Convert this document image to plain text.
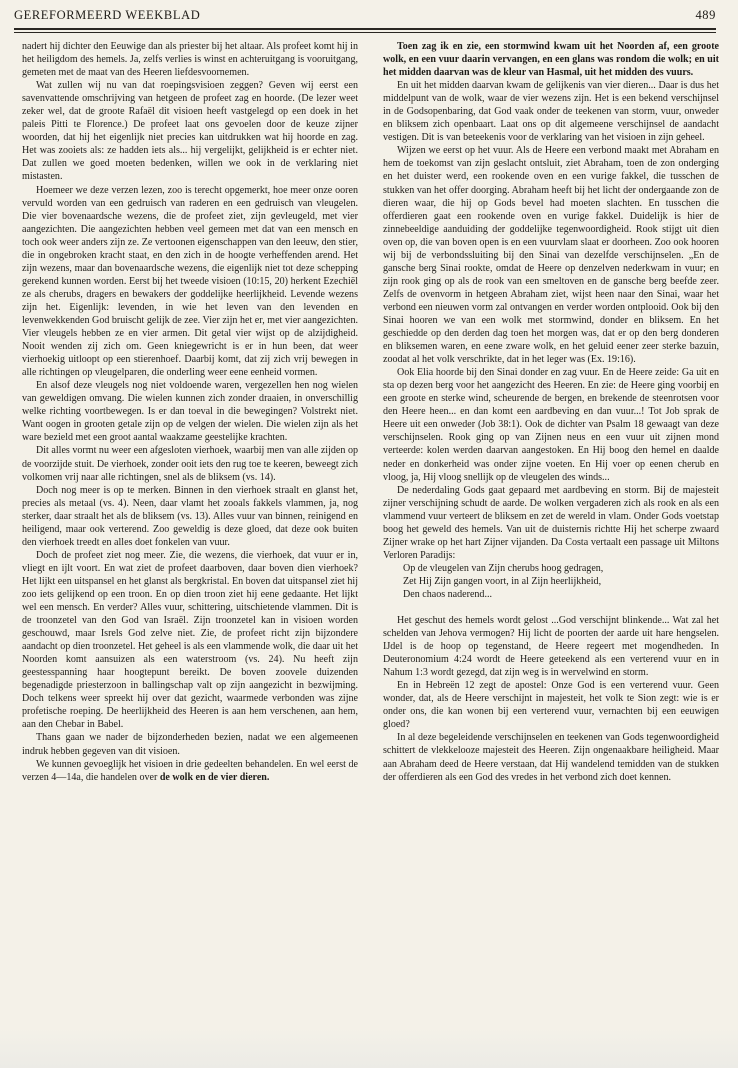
GEREFORMEERD WEEKBLAD	489

nadert hij dichter den Eeuwige dan als priester bij het altaar. Als profeet komt hij in het heiligdom des hemels. Ja, zelfs verlies is winst en achteruitgang is vooruitgang, gemeten met de maat van des Heeren liefdesvoornemen.

Wat zullen wij nu van dat roepingsvisioen zeggen? Geven wij eerst een savenvattende omschrijving van hetgeen de profeet zag en hoorde. (De lezer weet zeker wel, dat de groote Rafaël dit visioen heeft vastgelegd op een doek in het paleis Pitti te Florence.) De profeet laat ons gevoelen door de keuze zijner woorden, dat hij het eigenlijk niet precies kan uitdrukken wat hij hoorde en zag. Het was zooiets als: ze hadden iets als... hij vergelijkt, gelijkheid is er echter niet. Dat zullen we goed moeten bedenken, willen we ook in de verklaring niet mistasten.

Hoemeer we deze verzen lezen, zoo is terecht opgemerkt, hoe meer onze ooren vervuld worden van een gedruisch van raderen en een gedruisch van vleugelen. Die vier bovenaardsche wezens, die de profeet ziet, zijn gevleugeld, met vier aangezichten. Die aangezichten hebben veel gemeen met dat van een mensch en toch ook weer anders zijn ze. Ze vertoonen eigenschappen van den leeuw, den stier, die in ongebroken kracht staat, en den zich in de hoogte verheffenden arend. Het zijn wezens, maar dan bovenaardsche wezens, die eigenlijk niet tot deze schepping gerekend kunnen worden. Eerst bij het tweede visioen (10:15, 20) herkent Ezechiël ze als cherubs, dragers en bewakers der goddelijke heerlijkheid. Levende wezens zijn het. Eigenlijk: levenden, in wie het leven van den levenden en levenwekkenden God bruischt gelijk de zee. Vier zijn het er, met vier aangezichten. Vier vleugels hebben ze en vier armen. Dit getal vier wijst op de alzijdigheid. Nooit wenden zij zich om. Geen kniegewricht is er in hun been, dat weer vierhoekig uitloopt op een stierenhoef. Daarbij komt, dat zij zich vrij bewegen in alle richtingen op vleugelparen, die onderling weer eene eenheid vormen.

En alsof deze vleugels nog niet voldoende waren, vergezellen hen nog wielen van geweldigen omvang. Die wielen kunnen zich zonder draaien, in onverschillig welke richting voortbewegen. Is er dan toeval in die bewegingen? Volstrekt niet. Want oogen in grooten getale zijn op de velgen der wielen. Die wielen zijn als het ware bezield met een groot aantal waakzame geestelijke krachten.

Dit alles vormt nu weer een afgesloten vierhoek, waarbij men van alle zijden op de voorzijde stuit. De vierhoek, zonder ooit iets den rug toe te keeren, beweegt zich volkomen vrij naar alle richtingen, snel als de bliksem (vs. 14).

Doch nog meer is op te merken. Binnen in den vierhoek straalt en glanst het, precies als metaal (vs. 4). Neen, daar vlamt het zooals fakkels vlammen, ja, nog sterker, daar straalt het als de bliksem (vs. 13). Alles vuur van binnen, reinigend en heiligend, maar ook verterend. Zoo geweldig is deze gloed, dat deze ook buiten den vierhoek treedt en alles doet fonkelen van vuur.

Doch de profeet ziet nog meer. Zie, die wezens, die vierhoek, dat vuur er in, vliegt en ijlt voort. En wat ziet de profeet daarboven, daar boven dien vierhoek? Het lijkt een uitspansel en het glanst als bergkristal. En boven dat uitspansel ziet hij zoo iets gelijkend op een troon. En op dien troon ziet hij eene gedaante. Het lijkt wel een mensch. En verder? Alles vuur, schittering, uitschietende vlammen. Dit is de troonzetel van den God van Israël. Zijn troonzetel kan in visioen worden geschouwd, maar Isrels God zelve niet. Zie, de profeet richt zijn bijzondere aandacht op dien troonzetel. Het geheel is als een vlammende wolk, die daar uit het Noorden komt aansuizen als een waterstroom (vs. 24). Nu heeft zijn geestesspanning haar hoogtepunt bereikt. De boven zoovele duizenden begenadigde priesterzoon in ballingschap valt op zijn aangezicht in bezwijming. Doch telkens weer spreekt hij over dat gezicht, waarmede verbonden was zijne profetische roeping. De heerlijkheid des Heeren is aan hem verschenen, aan hem, aan den Chebar in Babel.

Thans gaan we nader de bijzonderheden bezien, nadat we een algemeenen indruk hebben gegeven van dit visioen.

We kunnen gevoeglijk het visioen in drie gedeelten behandelen. En wel eerst de verzen 4—14a, die handelen over de wolk en de vier dieren.

Toen zag ik en zie, een stormwind kwam uit het Noorden af, een groote wolk, en een vuur daarin vervangen, en een glans was rondom die wolk; en uit het midden daarvan was de kleur van Hasmal, uit het midden des vuurs.

En uit het midden daarvan kwam de gelijkenis van vier dieren... Daar is dus het middelpunt van de wolk, waar de vier wezens zijn. Het is een bekend verschijnsel in de Godsopenbaring, dat God vaak onder de teekenen van storm, vuur, onweder en bliksem zich openbaart. Laat ons op dit algemeene verschijnsel de aandacht vestigen. Dit is van beteekenis voor de verklaring van het visioen in zijn geheel.

Wijzen we eerst op het vuur. Als de Heere een verbond maakt met Abraham en hem de toekomst van zijn geslacht ontsluit, ziet Abraham, toen de zon onderging en het duister werd, een rookende oven en een vurige fakkel, die tusschen de stukken van het offer doorging. Abraham heeft bij het licht der ondergaande zon de dieren waar, die hij op Gods bevel had moeten slachten. En tusschen die offerdieren gaat een rookende oven en vurige fakkel. Duidelijk is hier de zinnebeeldige aanduiding der goddelijke tegenwoordigheid. Rook stijgt uit dien oven op, die van boven open is en een vuurvlam slaat er doorheen. Zoo ook hooren wij bij de verbondssluiting bij den Sinai van dezelfde verschijnselen. „En de gansche berg Sinai rookte, omdat de Heere op denzelven nederkwam in vuur; en zijn rook ging op als de rook van een smeltoven en de gansche berg beefde zeer. Zelfs de ovenvorm in hetgeen Abraham ziet, wijst heen naar den Sinai, waar het verbond een nieuwen vorm zal ontvangen en verder worden ontplooid. Ook bij den Sinai hooren we van een wolk met stormwind, donder en bliksem. En het geschiedde op den derden dag toen het morgen was, dat er op den berg donderen en bliksemen waren, en eene zware wolk, en het geluid eener zeer sterke bazuin, zoodat al het volk verschrikte, dat in het leger was (Ex. 19:16).

Ook Elia hoorde bij den Sinai donder en zag vuur. En de Heere zeide: Ga uit en sta op dezen berg voor het aangezicht des Heeren. En zie: de Heere ging voorbij en een groote en sterke wind, scheurende de bergen, en brekende de steenrotsen voor den Heere heen... en dan komt een aardbeving en dan vuur...! Tot Job sprak de Heere uit een onweder (Job 38:1). Ook de dichter van Psalm 18 gewaagt van deze verschijnselen. Rook ging op van Zijnen neus en een vuur uit zijnen mond verteerde: kolen werden daarvan aangestoken. En Hij boog den hemel en daalde neder en donkerheid was onder zijne voeten. En Hij voer op eenen cherub en vloog, ja, Hij vloog snellijk op de vleugelen des winds...

De nederdaling Gods gaat gepaard met aardbeving en storm. Bij de majesteit zijner verschijning schudt de aarde. De wolken vergaderen zich als rook en als een vlammend vuur verteert de bliksem en zet de wereld in vlam. Onder Gods voetstap boog het geweld des hemels. Van uit de duisternis richtte Hij het scherpe zwaard Zijner wrake op het hart Zijner vijanden. Da Costa vertaalt een passage uit Miltons Verloren Paradijs:

Op de vleugelen van Zijn cherubs hoog gedragen,
Zet Hij Zijn gangen voort, in al Zijn heerlijkheid,
Den chaos naderend...

Het geschut des hemels wordt gelost ...God verschijnt blinkende... Wat zal het schelden van Jehova vermogen? Hij licht de poorten der aarde uit hare hengselen. IJdel is de hoop op tegenstand, de Heere regeert met mogendheden. In Deuteronomium 4:24 wordt de Heere geteekend als een verterend vuur en in Nahum 1:3 wordt gezegd, dat zijn weg is in wervelwind en storm.

En in Hebreën 12 zegt de apostel: Onze God is een verterend vuur. Geen wonder, dat, als de Heere verschijnt in majesteit, het volk te Sion zegt: wie is er onder ons, die kan wonen bij een verterend vuur, vernachten bij een eeuwigen gloed?

In al deze begeleidende verschijnselen en teekenen van Gods tegenwoordigheid schittert de vlekkelooze majesteit des Heeren. Zijn ongenaakbare heiligheid. Maar aan Abraham deed de Heere verstaan, dat Hij wandelend temidden van de stukken der offerdieren als een God des vredes in het verbond zich doet kennen.
